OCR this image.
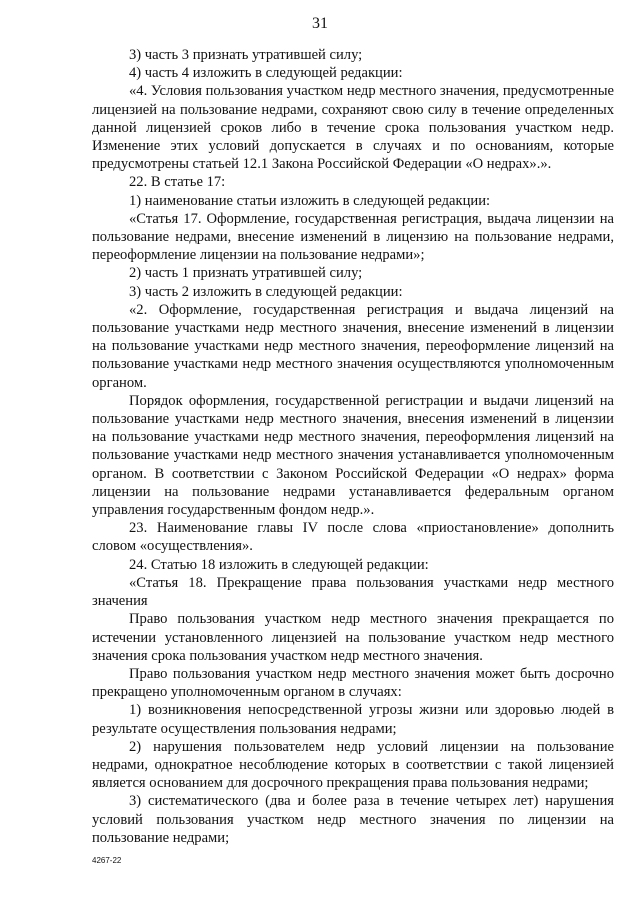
31

3) часть 3 признать утратившей силу;

4) часть 4 изложить в следующей редакции:

«4. Условия пользования участком недр местного значения, предусмотренные лицензией на пользование недрами, сохраняют свою силу в течение определенных данной лицензией сроков либо в течение срока пользования участком недр. Изменение этих условий допускается в случаях и по основаниям, которые предусмотрены статьей 12.1 Закона Российской Федерации «О недрах».».

22. В статье 17:

1) наименование статьи изложить в следующей редакции:

«Статья 17. Оформление, государственная регистрация, выдача лицензии на пользование недрами, внесение изменений в лицензию на пользование недрами, переоформление лицензии на пользование недрами»;

2) часть 1 признать утратившей силу;

3) часть 2 изложить в следующей редакции:

«2. Оформление, государственная регистрация и выдача лицензий на пользование участками недр местного значения, внесение изменений в лицензии на пользование участками недр местного значения, переоформление лицензий на пользование участками недр местного значения осуществляются уполномоченным органом.

Порядок оформления, государственной регистрации и выдачи лицензий на пользование участками недр местного значения, внесения изменений в лицензии на пользование участками недр местного значения, переоформления лицензий на пользование участками недр местного значения устанавливается уполномоченным органом. В соответствии с Законом Российской Федерации «О недрах» форма лицензии на пользование недрами устанавливается федеральным органом управления государственным фондом недр.».

23. Наименование главы IV после слова «приостановление» дополнить словом «осуществления».

24. Статью 18 изложить в следующей редакции:

«Статья 18. Прекращение права пользования участками недр местного значения

Право пользования участком недр местного значения прекращается по истечении установленного лицензией на пользование участком недр местного значения срока пользования участком недр местного значения.

Право пользования участком недр местного значения может быть досрочно прекращено уполномоченным органом в случаях:

1) возникновения непосредственной угрозы жизни или здоровью людей в результате осуществления пользования недрами;

2) нарушения пользователем недр условий лицензии на пользование недрами, однократное несоблюдение которых в соответствии с такой лицензией является основанием для досрочного прекращения права пользования недрами;

3) систематического (два и более раза в течение четырех лет) нарушения условий пользования участком недр местного значения по лицензии на пользование недрами;

4267-22
